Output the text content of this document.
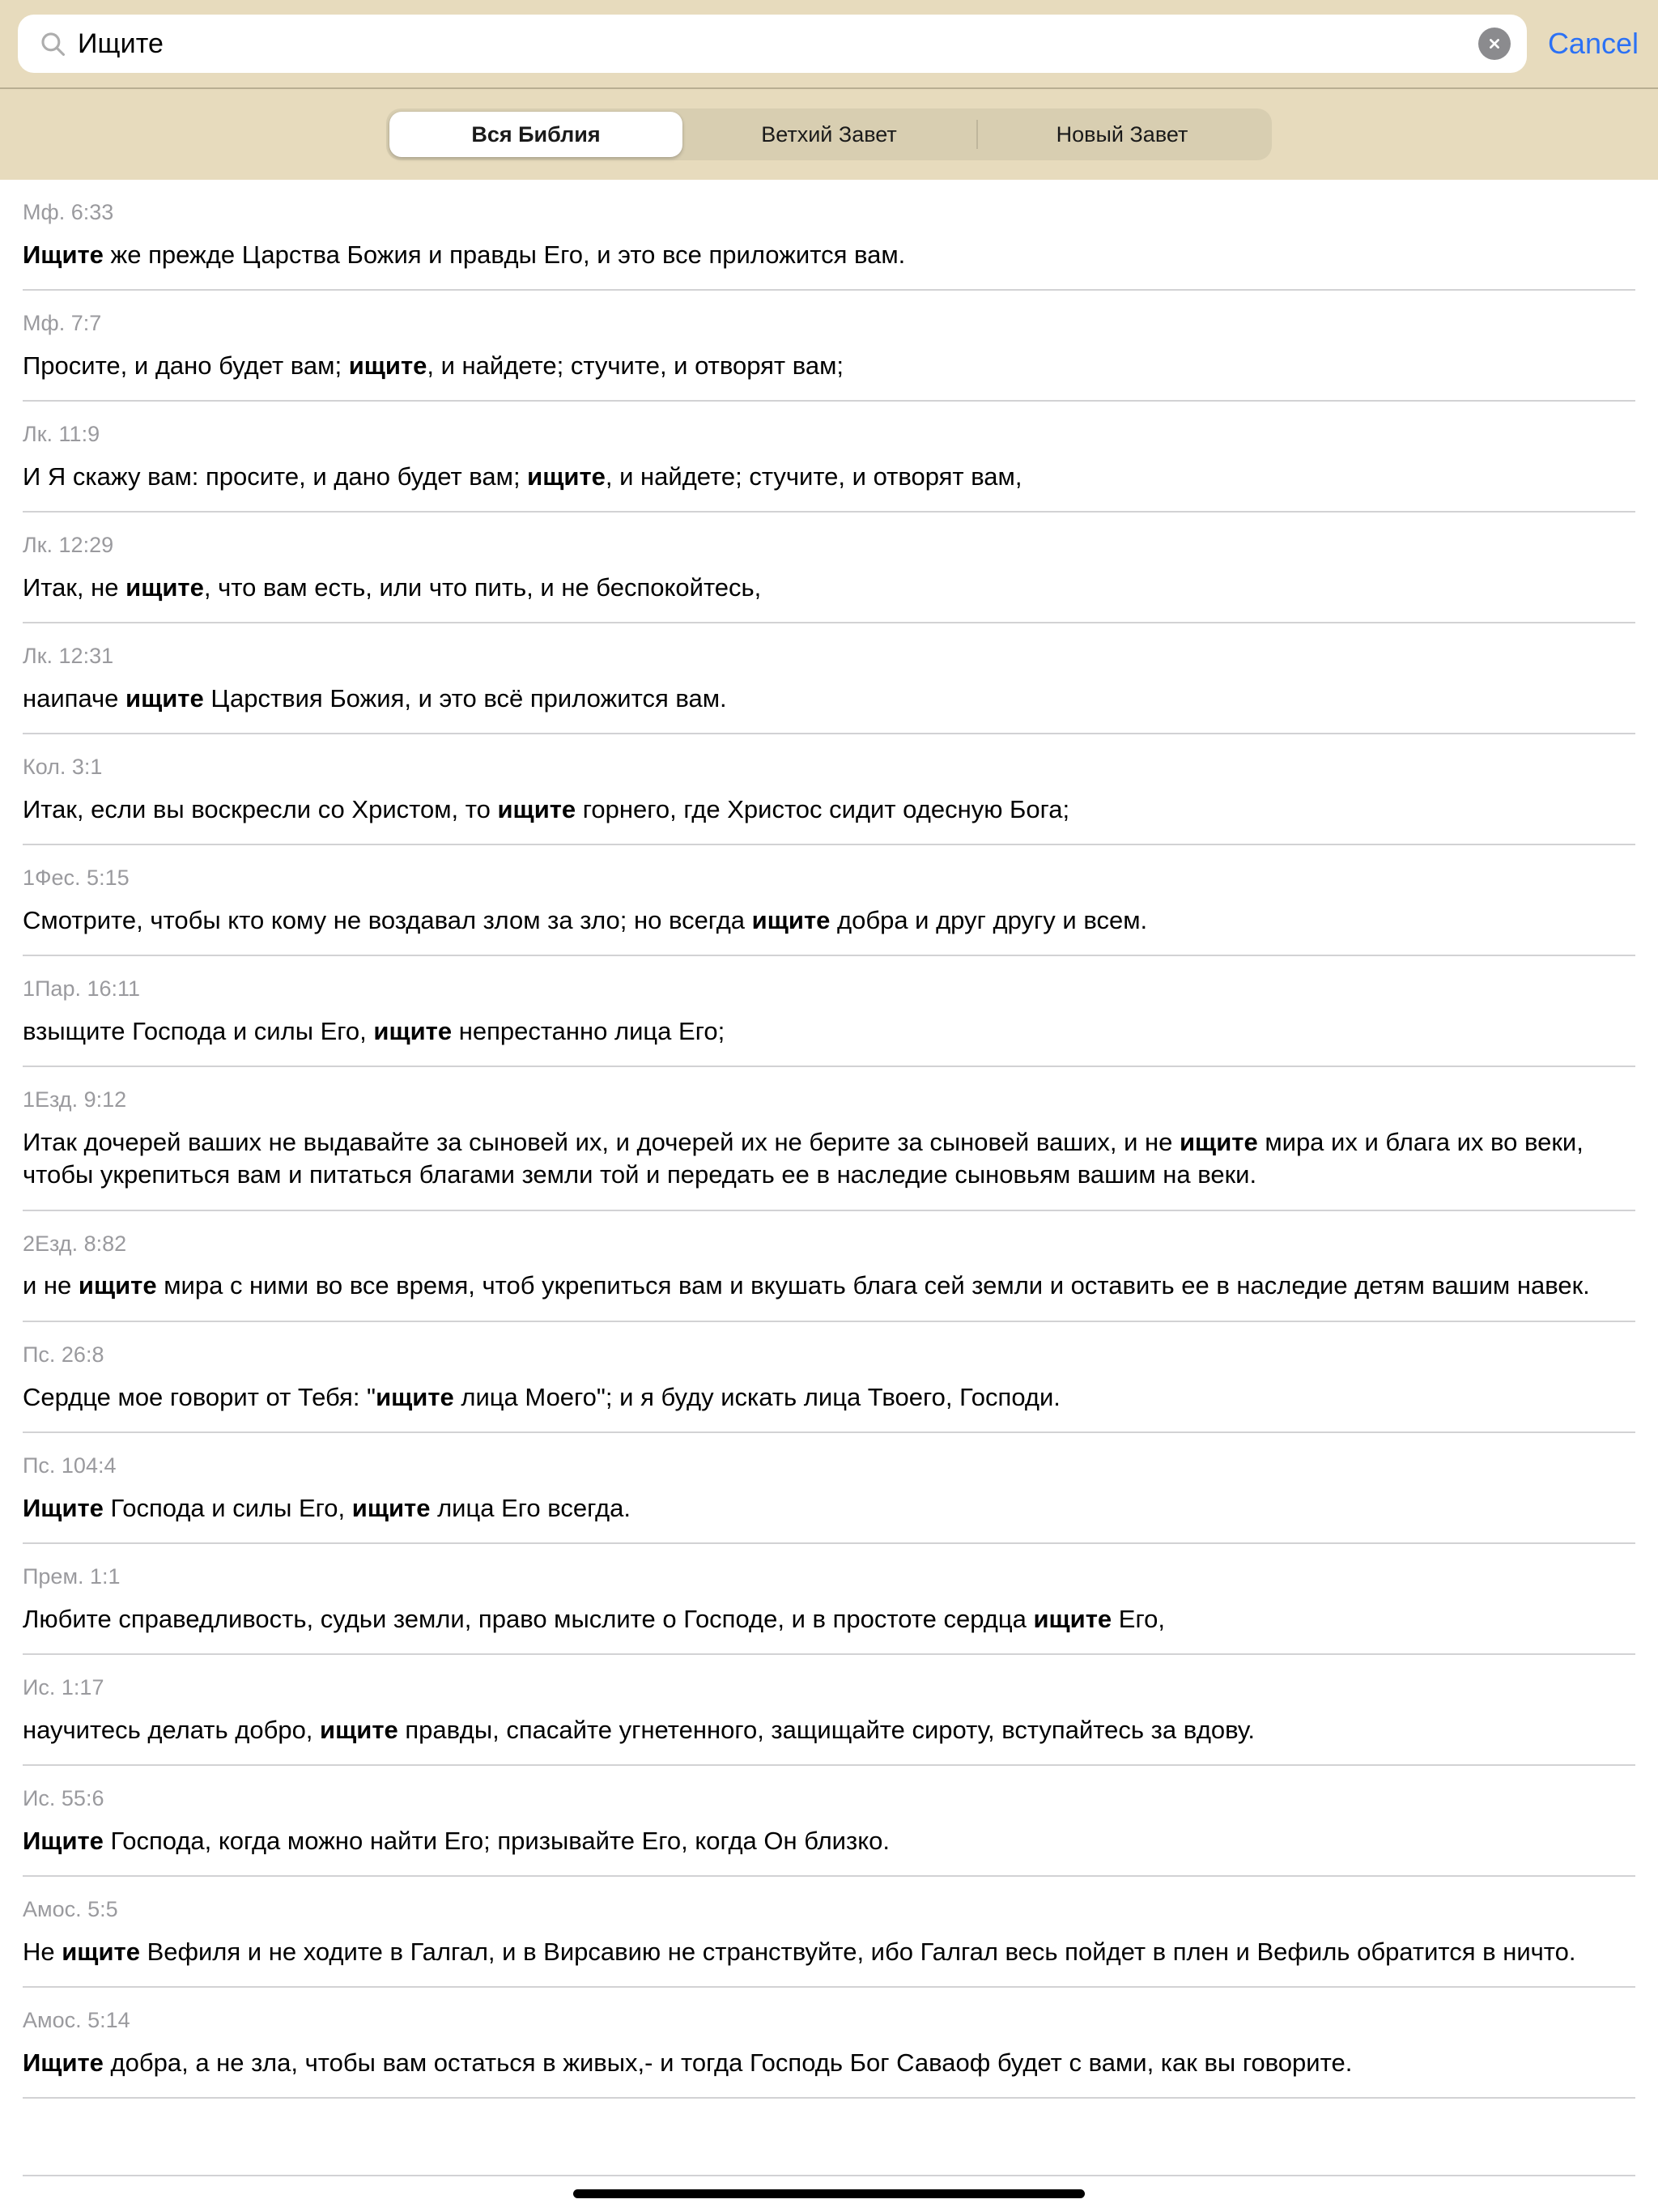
Ищите	Cancel
Вся Библия	Ветхий Завет	Новый Завет
Мф. 6:33
Ищите же прежде Царства Божия и правды Его, и это все приложится вам.
Мф. 7:7
Просите, и дано будет вам; ищите, и найдете; стучите, и отворят вам;
Лк. 11:9
И Я скажу вам: просите, и дано будет вам; ищите, и найдете; стучите, и отворят вам,
Лк. 12:29
Итак, не ищите, что вам есть, или что пить, и не беспокойтесь,
Лк. 12:31
наипаче ищите Царствия Божия, и это всё приложится вам.
Кол. 3:1
Итак, если вы воскресли со Христом, то ищите горнего, где Христос сидит одесную Бога;
1Фес. 5:15
Смотрите, чтобы кто кому не воздавал злом за зло; но всегда ищите добра и друг другу и всем.
1Пар. 16:11
взыщите Господа и силы Его, ищите непрестанно лица Его;
1Езд. 9:12
Итак дочерей ваших не выдавайте за сыновей их, и дочерей их не берите за сыновей ваших, и не ищите мира их и блага их во веки, чтобы укрепиться вам и питаться благами земли той и передать ее в наследие сыновьям вашим на веки.
2Езд. 8:82
и не ищите мира с ними во все время, чтоб укрепиться вам и вкушать блага сей земли и оставить ее в наследие детям вашим навек.
Пс. 26:8
Сердце мое говорит от Тебя: "ищите лица Моего"; и я буду искать лица Твоего, Господи.
Пс. 104:4
Ищите Господа и силы Его, ищите лица Его всегда.
Прем. 1:1
Любите справедливость, судьи земли, право мыслите о Господе, и в простоте сердца ищите Его,
Ис. 1:17
научитесь делать добро, ищите правды, спасайте угнетенного, защищайте сироту, вступайтесь за вдову.
Ис. 55:6
Ищите Господа, когда можно найти Его; призывайте Его, когда Он близко.
Амос. 5:5
Не ищите Вефиля и не ходите в Галгал, и в Вирсавию не странствуйте, ибо Галгал весь пойдет в плен и Вефиль обратится в ничто.
Амос. 5:14
Ищите добра, а не зла, чтобы вам остаться в живых,- и тогда Господь Бог Саваоф будет с вами, как вы говорите.
